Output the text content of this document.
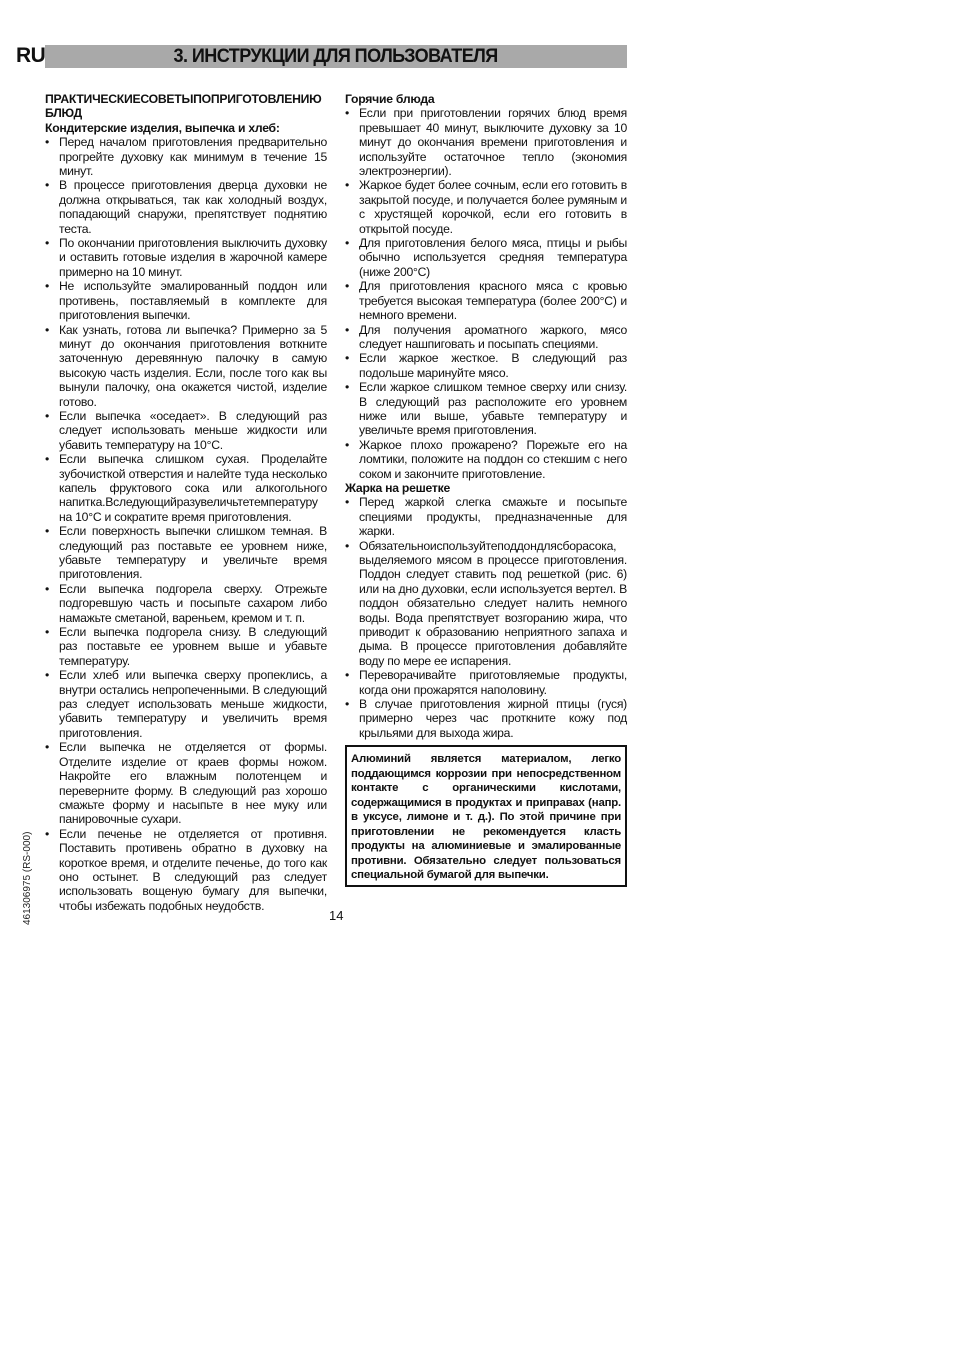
RU	3. ИНСТРУКЦИИ ДЛЯ ПОЛЬЗОВАТЕЛЯ
ПРАКТИЧЕСКИЕСОВЕТЫПОПРИГОТОВЛЕНИЮ БЛЮД
Кондитерские изделия, выпечка и хлеб:
• Перед началом приготовления предварительно прогрейте духовку как минимум в течение 15 минут.
• В процессе приготовления дверца духовки не должна открываться, так как холодный воздух, попадающий снаружи, препятствует поднятию теста.
• По окончании приготовления выключить духовку и оставить готовые изделия в жарочной камере примерно на 10 минут.
• Не используйте эмалированный поддон или противень, поставляемый в комплекте для приготовления выпечки.
• Как узнать, готова ли выпечка? Примерно за 5 минут до окончания приготовления воткните заточенную деревянную палочку в самую высокую часть изделия. Если, после того как вы вынули палочку, она окажется чистой, изделие готово.
• Если выпечка «оседает». В следующий раз следует использовать меньше жидкости или убавить температуру на 10°C.
• Если выпечка слишком сухая. Проделайте зубочисткой отверстия и налейте туда несколько капель фруктового сока или алкогольного напитка.Вследующийразувеличьтетемпературу на 10°C и сократите время приготовления.
• Если поверхность выпечки слишком темная. В следующий раз поставьте ее уровнем ниже, убавьте температуру и увеличьте время приготовления.
• Если выпечка подгорела сверху. Отрежьте подгоревшую часть и посыпьте сахаром либо намажьте сметаной, вареньем, кремом и т. п.
• Если выпечка подгорела снизу. В следующий раз поставьте ее уровнем выше и убавьте температуру.
• Если хлеб или выпечка сверху пропеклись, а внутри остались непропеченными. В следующий раз следует использовать меньше жидкости, убавить температуру и увеличить время приготовления.
• Если выпечка не отделяется от формы. Отделите изделие от краев формы ножом. Накройте его влажным полотенцем и переверните форму. В следующий раз хорошо смажьте форму и насыпьте в нее муку или панировочные сухари.
• Если печенье не отделяется от противня. Поставить противень обратно в духовку на короткое время, и отделите печенье, до того как оно остынет. В следующий раз следует использовать вощеную бумагу для выпечки, чтобы избежать подобных неудобств.
Горячие блюда
• Если при приготовлении горячих блюд время превышает 40 минут, выключите духовку за 10 минут до окончания времени приготовления и используйте остаточное тепло (экономия электроэнергии).
• Жаркое будет более сочным, если его готовить в закрытой посуде, и получается более румяным и с хрустящей корочкой, если его готовить в открытой посуде.
• Для приготовления белого мяса, птицы и рыбы обычно используется средняя температура (ниже 200°C)
• Для приготовления красного мяса с кровью требуется высокая температура (более 200°C) и немного времени.
• Для получения ароматного жаркого, мясо следует нашпиговать и посыпать специями.
• Если жаркое жесткое. В следующий раз подольше маринуйте мясо.
• Если жаркое слишком темное сверху или снизу. В следующий раз расположите его уровнем ниже или выше, убавьте температуру и увеличьте время приготовления.
• Жаркое плохо прожарено? Порежьте его на ломтики, положите на поддон со стекшим с него соком и закончите приготовление.
Жарка на решетке
• Перед жаркой слегка смажьте и посыпьте специями продукты, предназначенные для жарки.
• Обязательноиспользуйтеподдондлясборасока, выделяемого мясом в процессе приготовления. Поддон следует ставить под решеткой (рис. 6) или на дно духовки, если используется вертел. В поддон обязательно следует налить немного воды. Вода препятствует возгоранию жира, что приводит к образованию неприятного запаха и дыма. В процессе приготовления добавляйте воду по мере ее испарения.
• Переворачивайте приготовляемые продукты, когда они прожарятся наполовину.
• В случае приготовления жирной птицы (гуся) примерно через час проткните кожу под крыльями для выхода жира.
Алюминий является материалом, легко поддающимся коррозии при непосредственном контакте с органическими кислотами, содержащимися в продуктах и приправах (напр. в уксусе, лимоне и т. д.). По этой причине при приготовлении не рекомендуется класть продукты на алюминиевые и эмалированные противни. Обязательно следует пользоваться специальной бумагой для выпечки.
14
461306975 (RS-000)
